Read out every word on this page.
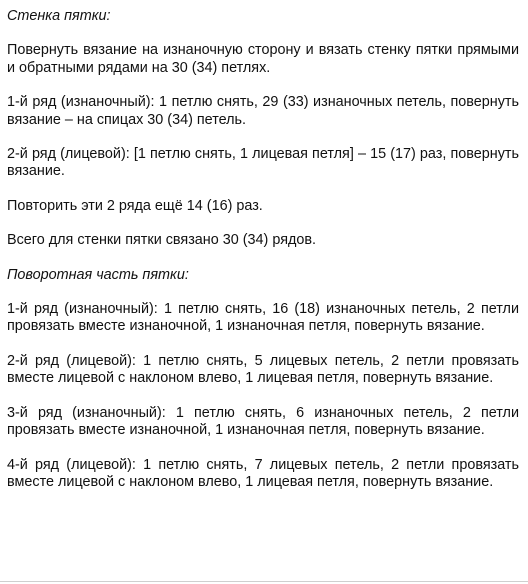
Стенка пятки:

Повернуть вязание на изнаночную сторону и вязать стенку пятки прямыми и обратными рядами на 30 (34) петлях.

1-й ряд (изнаночный): 1 петлю снять, 29 (33) изнаночных петель, повернуть вязание – на спицах 30 (34) петель.

2-й ряд (лицевой): [1 петлю снять, 1 лицевая петля] – 15 (17) раз, повернуть вязание.

Повторить эти 2 ряда ещё 14 (16) раз.

Всего для стенки пятки связано 30 (34) рядов.

Поворотная часть пятки:

1-й ряд (изнаночный): 1 петлю снять, 16 (18) изнаночных петель, 2 петли провязать вместе изнаночной, 1 изнаночная петля, повернуть вязание.

2-й ряд (лицевой): 1 петлю снять, 5 лицевых петель, 2 петли провязать вместе лицевой с наклоном влево, 1 лицевая петля, повернуть вязание.

3-й ряд (изнаночный): 1 петлю снять, 6 изнаночных петель, 2 петли провязать вместе изнаночной, 1 изнаночная петля, повернуть вязание.

4-й ряд (лицевой): 1 петлю снять, 7 лицевых петель, 2 петли провязать вместе лицевой с наклоном влево, 1 лицевая петля, повернуть вязание.
